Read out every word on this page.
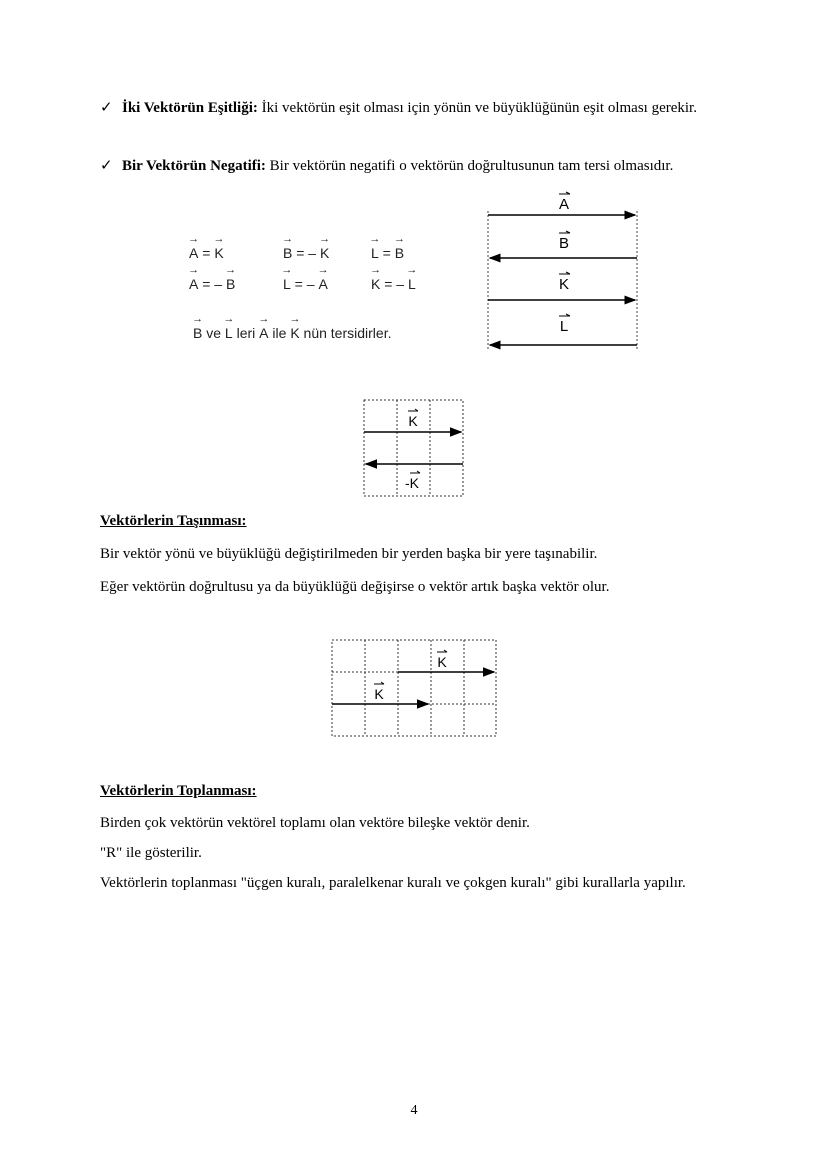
✓ İki Vektörün Eşitliği: İki vektörün eşit olması için yönün ve büyüklüğünün eşit olması gerekir.
✓ Bir Vektörün Negatifi: Bir vektörün negatifi o vektörün doğrultusunun tam tersi olmasıdır.
→ A = → K	→ B = – → K	→ L = → B
→ A = – → B	→ L = – → A	→ K = – → L
→ B ve → L leri → A ile → K nün tersidirler.
A
B
K
L
K
-K
Vektörlerin Taşınması:
Bir vektör yönü ve büyüklüğü değiştirilmeden bir yerden başka bir yere taşınabilir.
Eğer vektörün doğrultusu ya da büyüklüğü değişirse o vektör artık başka vektör olur.
K
K
Vektörlerin Toplanması:
Birden çok vektörün vektörel toplamı olan vektöre bileşke vektör denir.
"R" ile gösterilir.
Vektörlerin toplanması "üçgen kuralı, paralelkenar kuralı ve çokgen kuralı" gibi kurallarla yapılır.
4
